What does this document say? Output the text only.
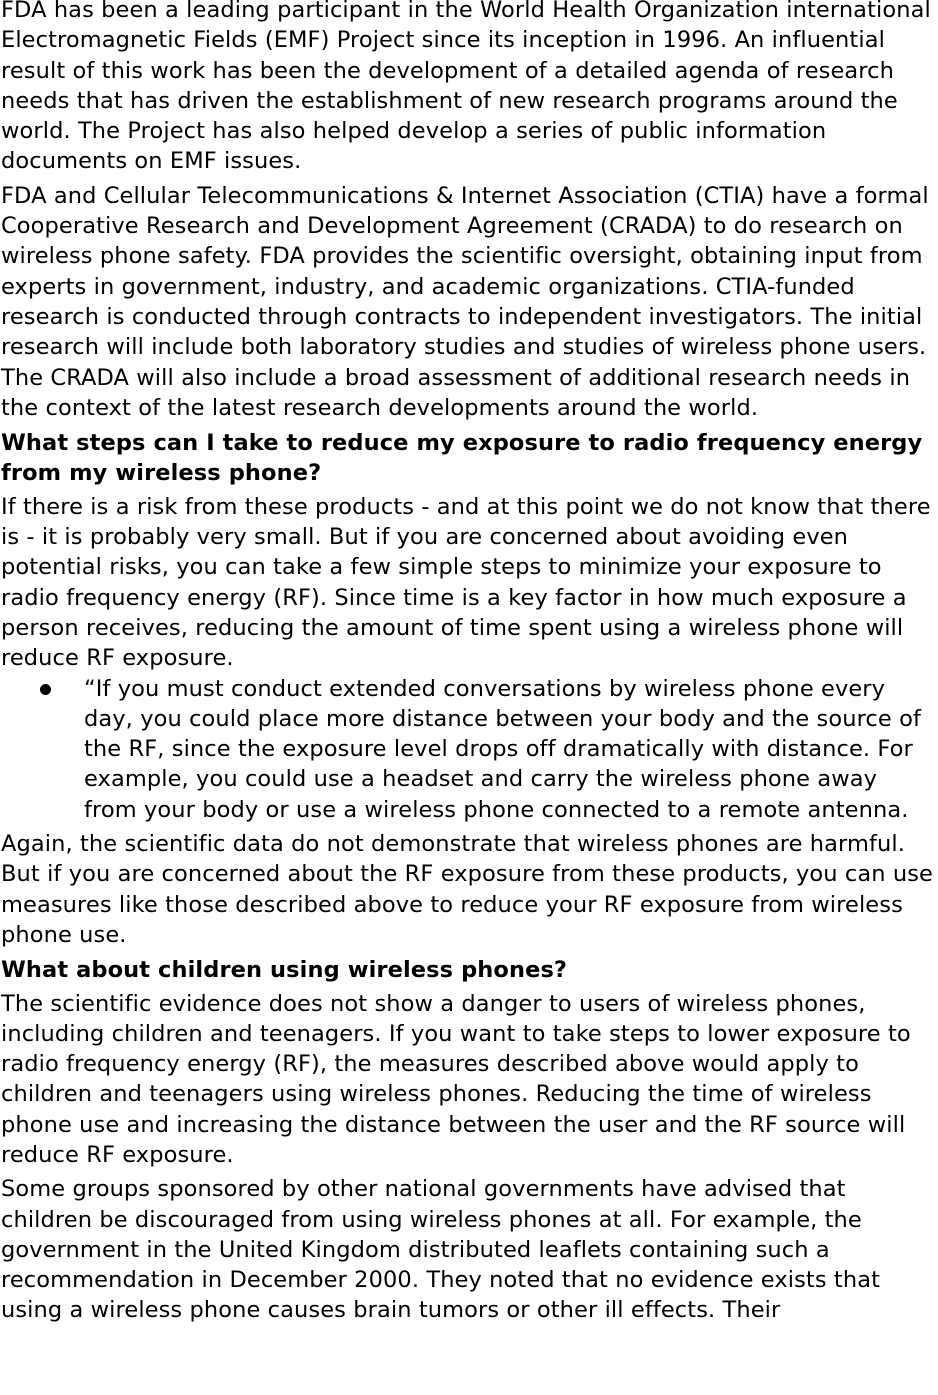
FDA has been a leading participant in the World Health Organization international Electromagnetic Fields (EMF) Project since its inception in 1996. An influential result of this work has been the development of a detailed agenda of research needs that has driven the establishment of new research programs around the world. The Project has also helped develop a series of public information documents on EMF issues.

FDA and Cellular Telecommunications & Internet Association (CTIA) have a formal Cooperative Research and Development Agreement (CRADA) to do research on wireless phone safety. FDA provides the scientific oversight, obtaining input from experts in government, industry, and academic organizations. CTIA-funded research is conducted through contracts to independent investigators. The initial research will include both laboratory studies and studies of wireless phone users. The CRADA will also include a broad assessment of additional research needs in the context of the latest research developments around the world.

What steps can I take to reduce my exposure to radio frequency energy from my wireless phone?

If there is a risk from these products - and at this point we do not know that there is - it is probably very small. But if you are concerned about avoiding even potential risks, you can take a few simple steps to minimize your exposure to radio frequency energy (RF). Since time is a key factor in how much exposure a person receives, reducing the amount of time spent using a wireless phone will reduce RF exposure.

“If you must conduct extended conversations by wireless phone every day, you could place more distance between your body and the source of the RF, since the exposure level drops off dramatically with distance. For example, you could use a headset and carry the wireless phone away from your body or use a wireless phone connected to a remote antenna.

Again, the scientific data do not demonstrate that wireless phones are harmful. But if you are concerned about the RF exposure from these products, you can use measures like those described above to reduce your RF exposure from wireless phone use.

What about children using wireless phones?

The scientific evidence does not show a danger to users of wireless phones, including children and teenagers. If you want to take steps to lower exposure to radio frequency energy (RF), the measures described above would apply to children and teenagers using wireless phones. Reducing the time of wireless phone use and increasing the distance between the user and the RF source will reduce RF exposure.

Some groups sponsored by other national governments have advised that children be discouraged from using wireless phones at all. For example, the government in the United Kingdom distributed leaflets containing such a recommendation in December 2000. They noted that no evidence exists that using a wireless phone causes brain tumors or other ill effects. Their
